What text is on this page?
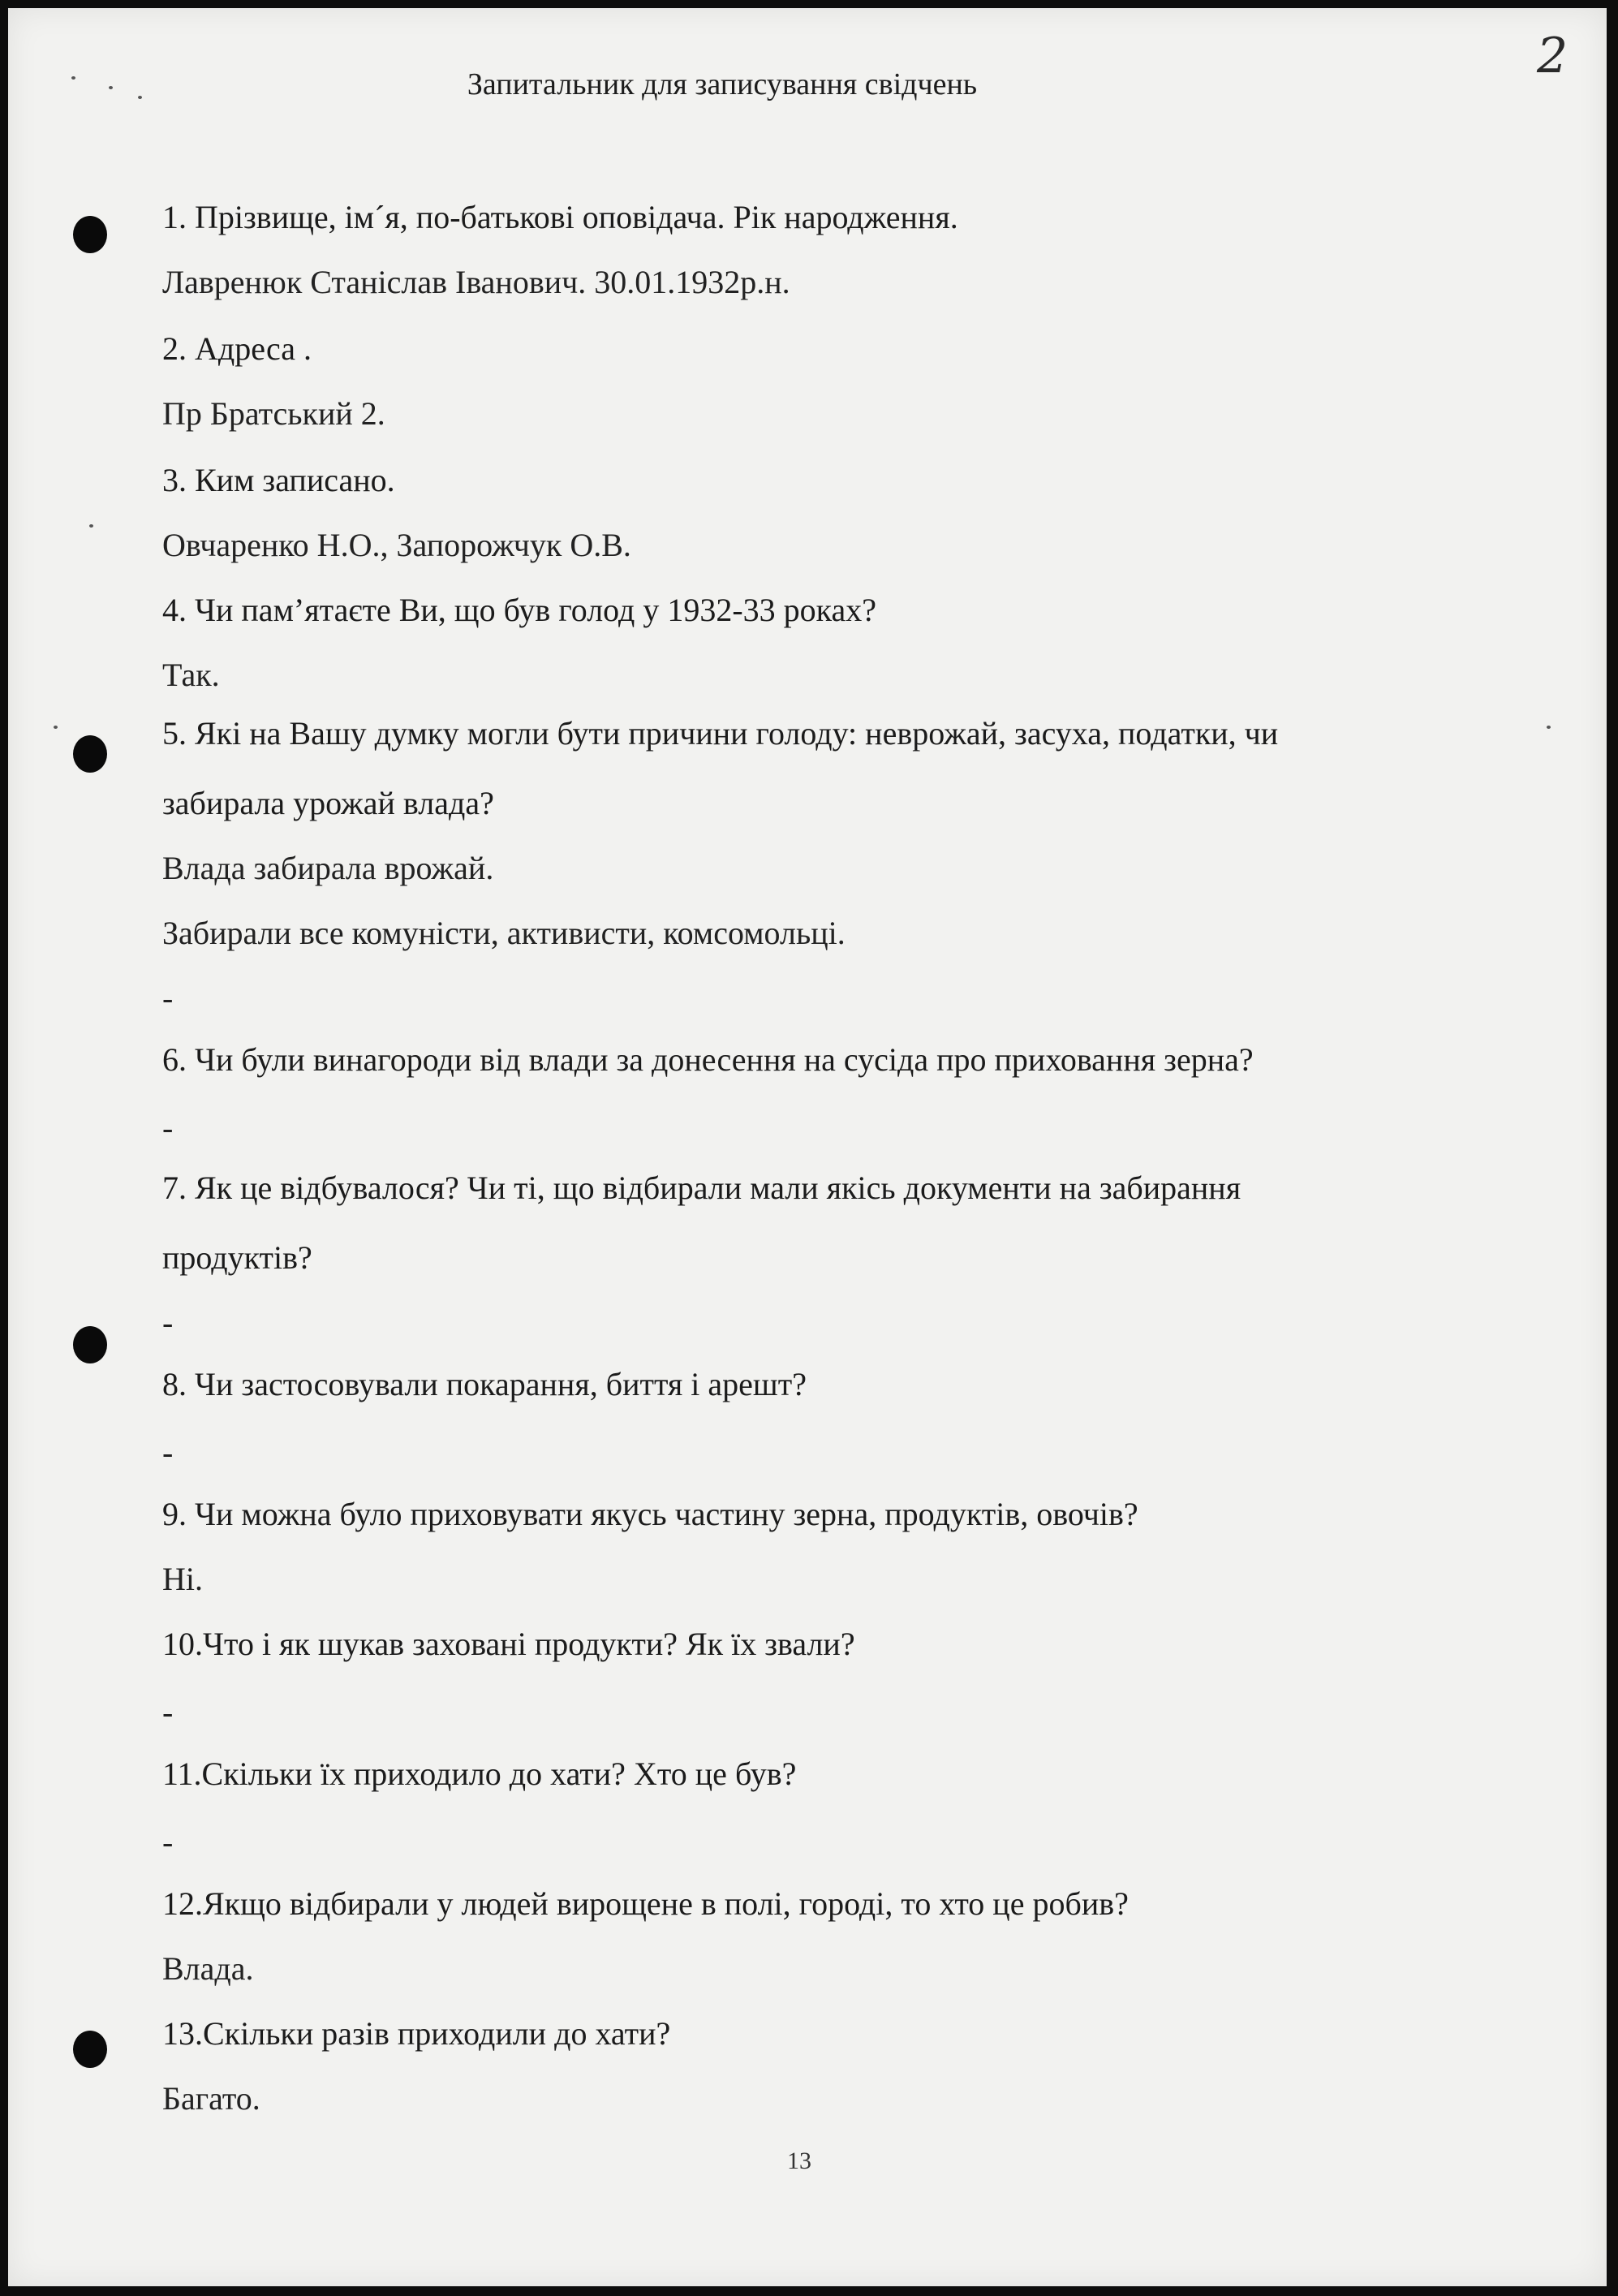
Запитальник для записування свідчень	2
1. Прізвище, ім´я, по-батькові оповідача. Рік народження.
Лавренюк Станіслав Іванович. 30.01.1932р.н.
2. Адреса .
Пр Братський 2.
3. Ким записано.
Овчаренко Н.О., Запорожчук О.В.
4. Чи пам’ятаєте Ви, що був голод у 1932-33 роках?
Так.
5. Які на Вашу думку могли бути причини голоду: неврожай, засуха, податки, чи
забирала урожай влада?
Влада забирала врожай.
Забирали все комуністи, активисти, комсомольці.
-
6. Чи були винагороди від влади за донесення на сусіда про приховання зерна?
-
7. Як це відбувалося? Чи ті, що відбирали мали якісь документи на забирання
продуктів?
-
8. Чи застосовували покарання, биття і арешт?
-
9. Чи можна було приховувати якусь частину зерна, продуктів, овочів?
Ні.
10.Что і як шукав заховані продукти? Як їх звали?
-
11.Скільки їх приходило до хати? Хто це був?
-
12.Якщо відбирали у людей вирощене в полі, городі, то хто це робив?
Влада.
13.Скільки разів приходили до хати?
Багато.
13
